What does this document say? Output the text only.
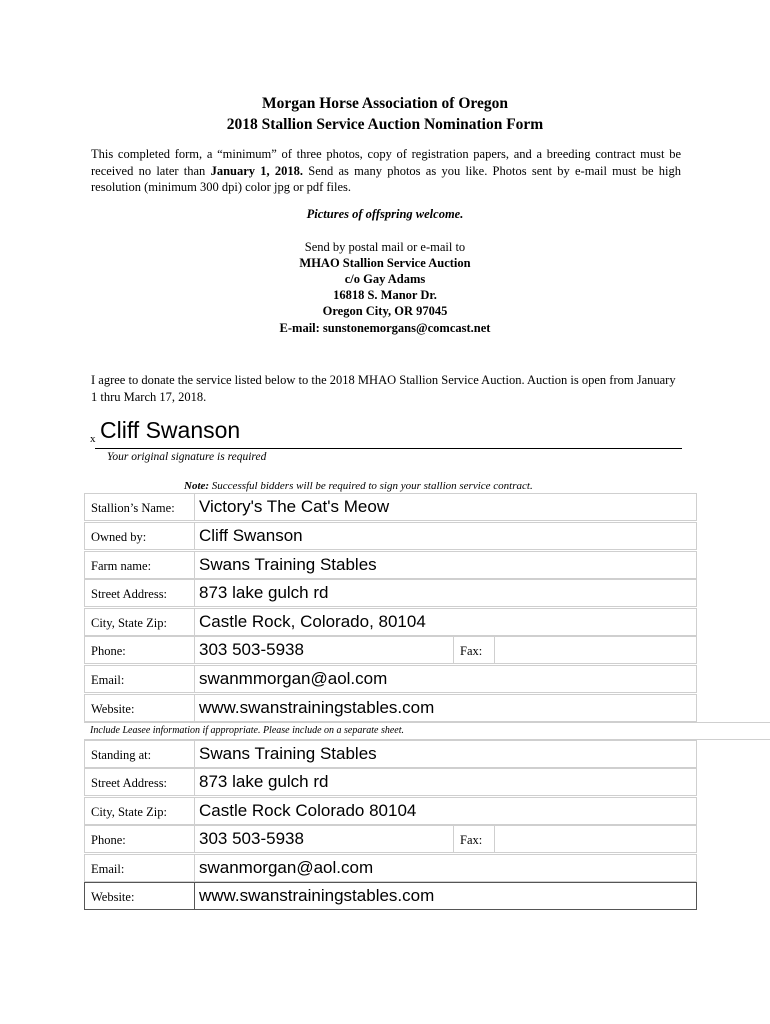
Morgan Horse Association of Oregon
2018 Stallion Service Auction Nomination Form
This completed form, a “minimum” of three photos, copy of registration papers, and a breeding contract must be received no later than January 1, 2018. Send as many photos as you like. Photos sent by e-mail must be high resolution (minimum 300 dpi) color jpg or pdf files.
Pictures of offspring welcome.
Send by postal mail or e-mail to
MHAO Stallion Service Auction
c/o Gay Adams
16818 S. Manor Dr.
Oregon City, OR 97045
E-mail: sunstonemorgans@comcast.net
I agree to donate the service listed below to the 2018 MHAO Stallion Service Auction. Auction is open from January 1 thru March 17, 2018.
x Cliff Swanson
Your original signature is required
Note: Successful bidders will be required to sign your stallion service contract.
Stallion’s Name: Victory's The Cat's Meow
Owned by:	Cliff Swanson
Farm name:	Swans Training Stables
Street Address: 873 lake gulch rd
City, State Zip: Castle Rock, Colorado, 80104
Phone:	303 503-5938	Fax:
Email:	swanmmorgan@aol.com
Website:	www.swanstrainingstables.com
Include Leasee information if appropriate. Please include on a separate sheet.
Standing at:	Swans Training Stables
Street Address: 873 lake gulch rd
City, State Zip: Castle Rock Colorado 80104
Phone:	303 503-5938	Fax:
Email:	swanmorgan@aol.com
Website:	www.swanstrainingstables.com
